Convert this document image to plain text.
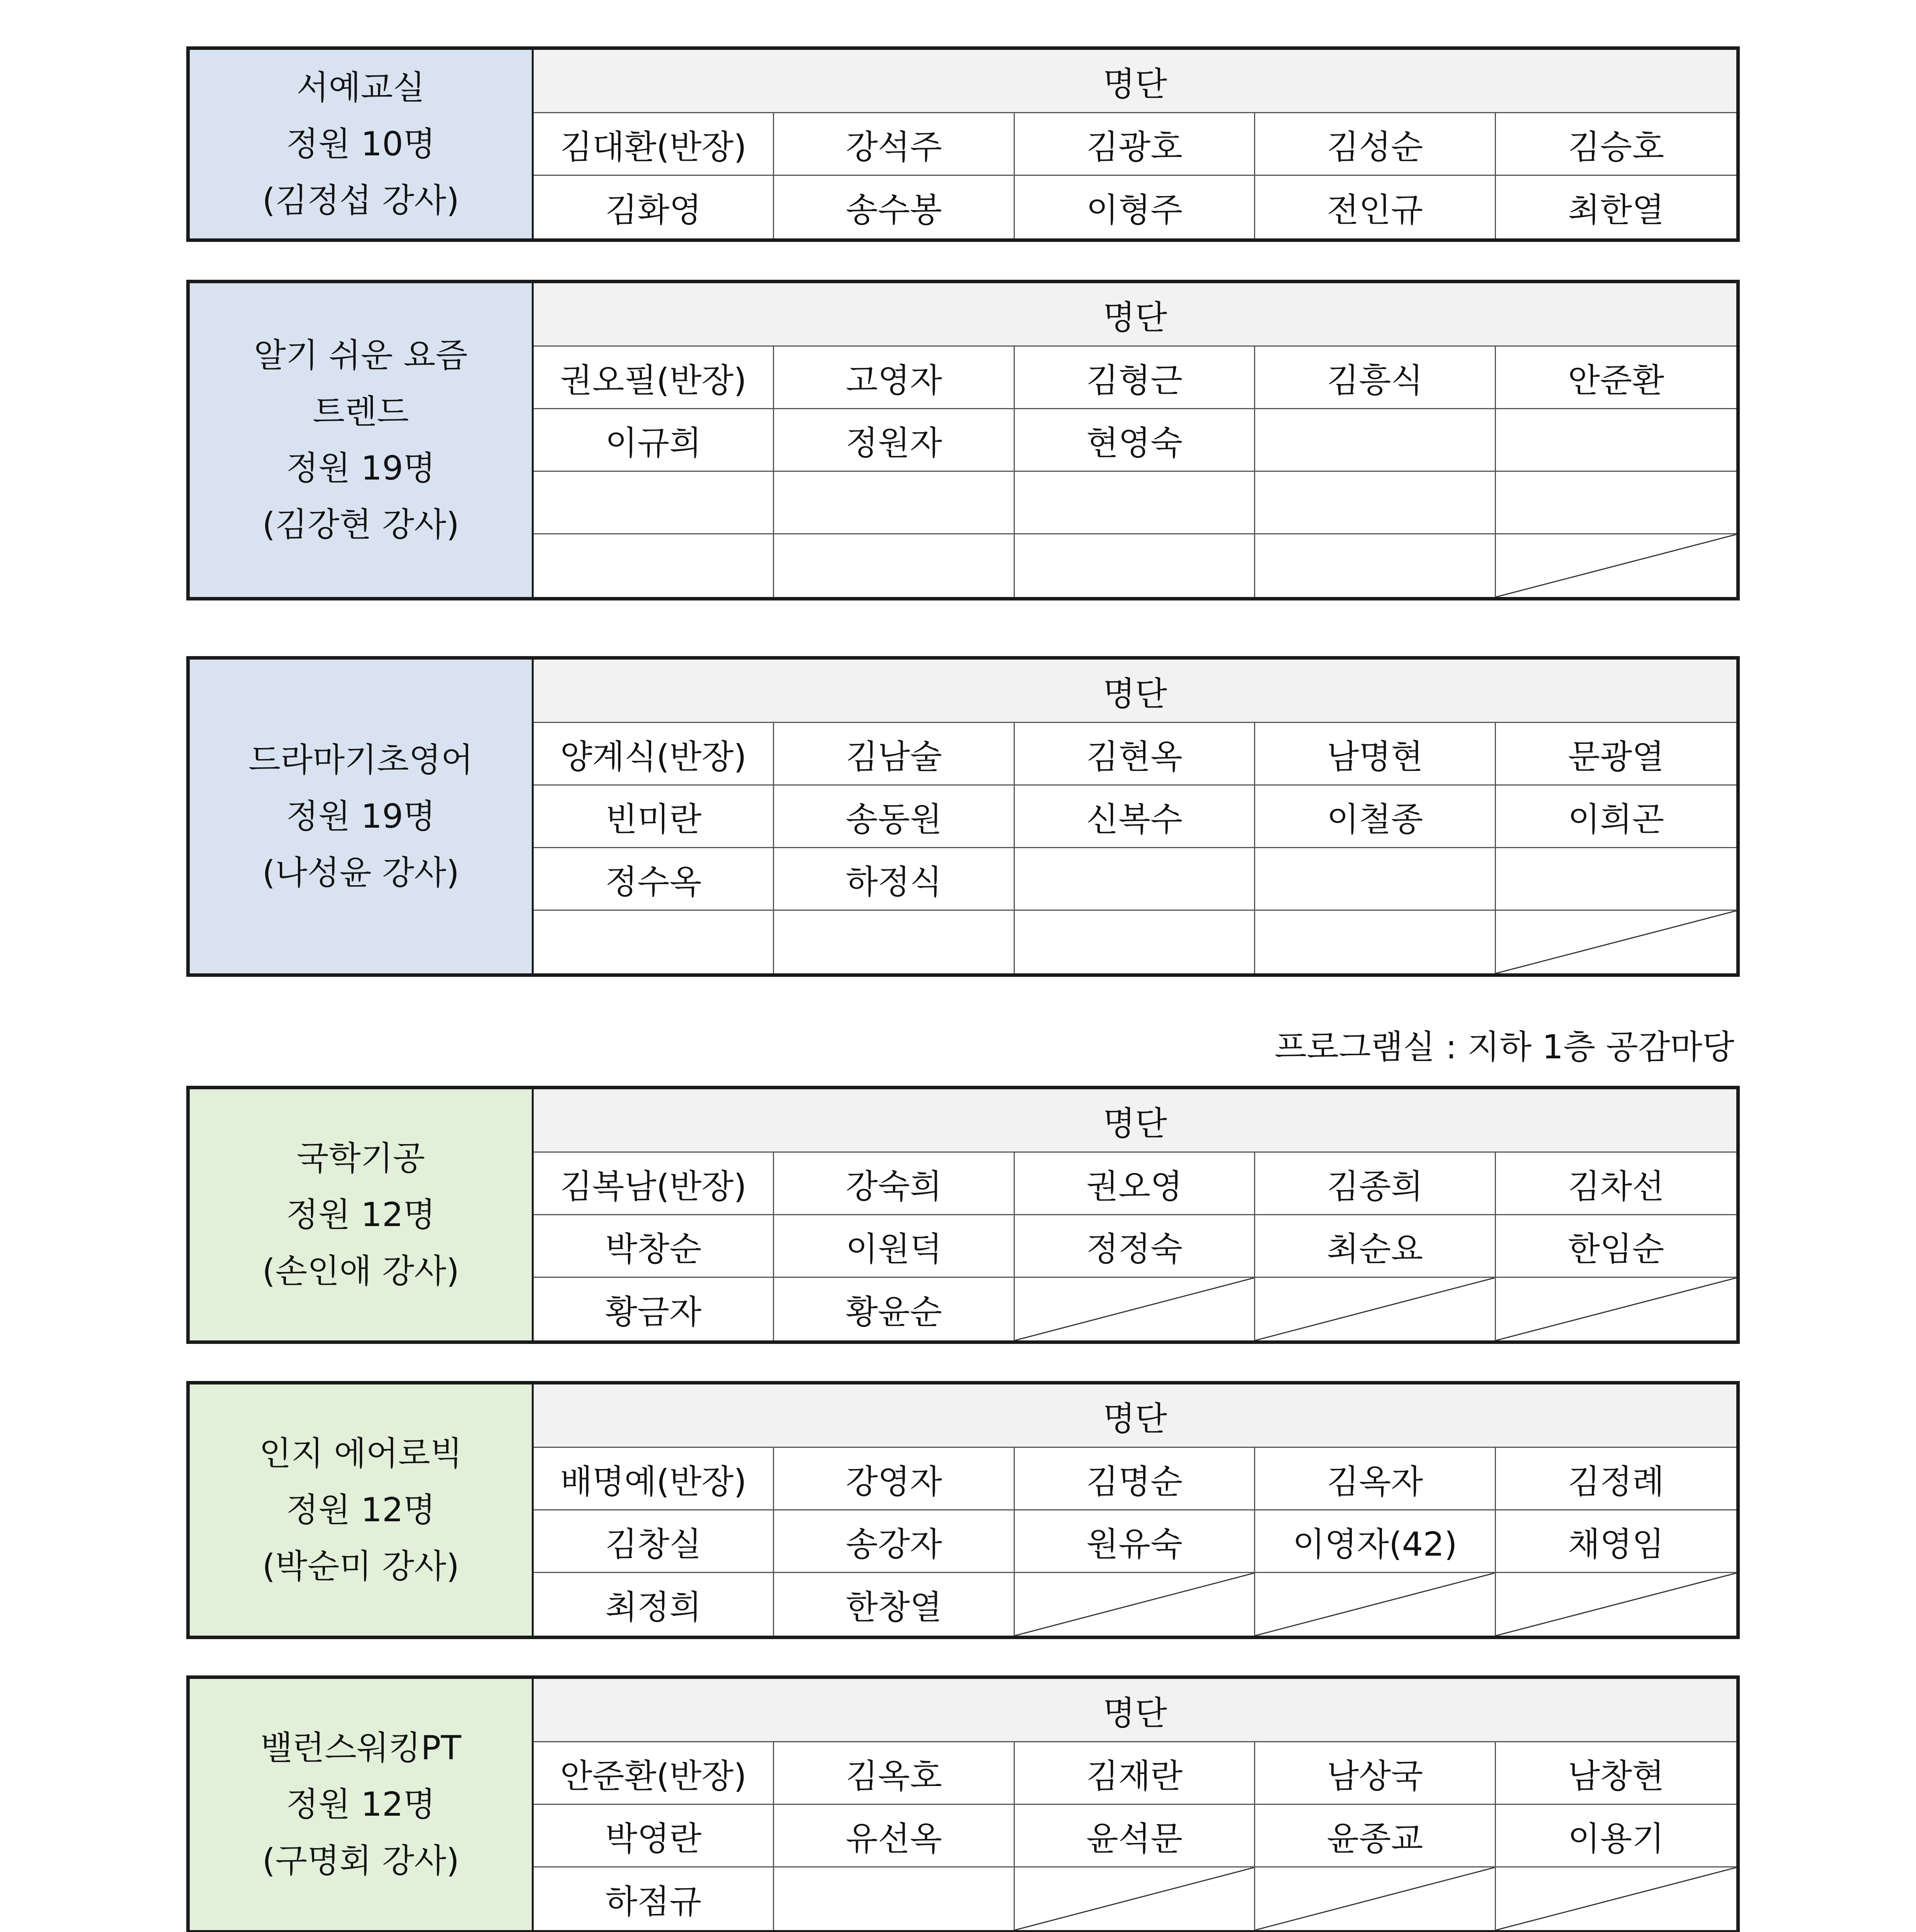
서예교실
정원 10명
(김정섭 강사)
명단
김대환(반장)	강석주	김광호	김성순	김승호
김화영	송수봉	이형주	전인규	최한열
알기 쉬운 요즘
트렌드
정원 19명
(김강현 강사)
명단
권오필(반장)	고영자	김형근	김흥식	안준환
이규희	정원자	현영숙
드라마기초영어
정원 19명
(나성윤 강사)
명단
양계식(반장)	김남술	김현옥	남명현	문광열
빈미란	송동원	신복수	이철종	이희곤
정수옥	하정식
국학기공
정원 12명
(손인애 강사)
명단
김복남(반장)	강숙희	권오영	김종희	김차선
박창순	이원덕	정정숙	최순요	한임순
황금자	황윤순
인지 에어로빅
정원 12명
(박순미 강사)
명단
배명예(반장)	강영자	김명순	김옥자	김정례
김창실	송강자	원유숙	이영자(42)	채영임
최정희	한창열
밸런스워킹PT
정원 12명
(구명회 강사)
명단
안준환(반장)	김옥호	김재란	남상국	남창현
박영란	유선옥	윤석문	윤종교	이용기
하점규
프로그램실 : 지하 1층 공감마당
